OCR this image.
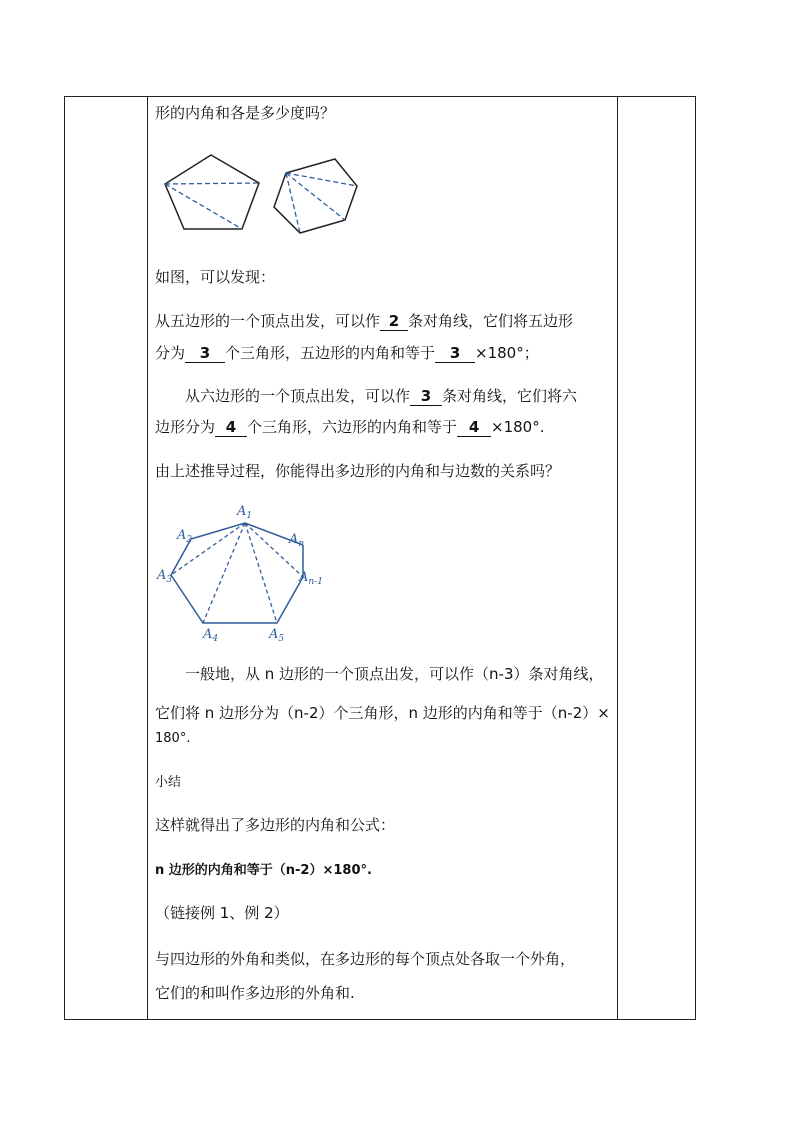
形的内角和各是多少度吗？
如图，可以发现：
从五边形的一个顶点出发，可以作 2 条对角线，它们将五边形
分为 3 个三角形，五边形的内角和等于 3 ×180°；
从六边形的一个顶点出发，可以作 3 条对角线，它们将六
边形分为 4 个三角形，六边形的内角和等于 4 ×180°.
由上述推导过程，你能得出多边形的内角和与边数的关系吗？
A1
A2
A3
A4	A5
An
An-1
一般地，从 n 边形的一个顶点出发，可以作（n-3）条对角线，
它们将 n 边形分为（n-2）个三角形，n 边形的内角和等于（n-2）×
180°.
小结
这样就得出了多边形的内角和公式：
n 边形的内角和等于（n-2）×180°.
（链接例 1、例 2）
与四边形的外角和类似，在多边形的每个顶点处各取一个外角，
它们的和叫作多边形的外角和.
